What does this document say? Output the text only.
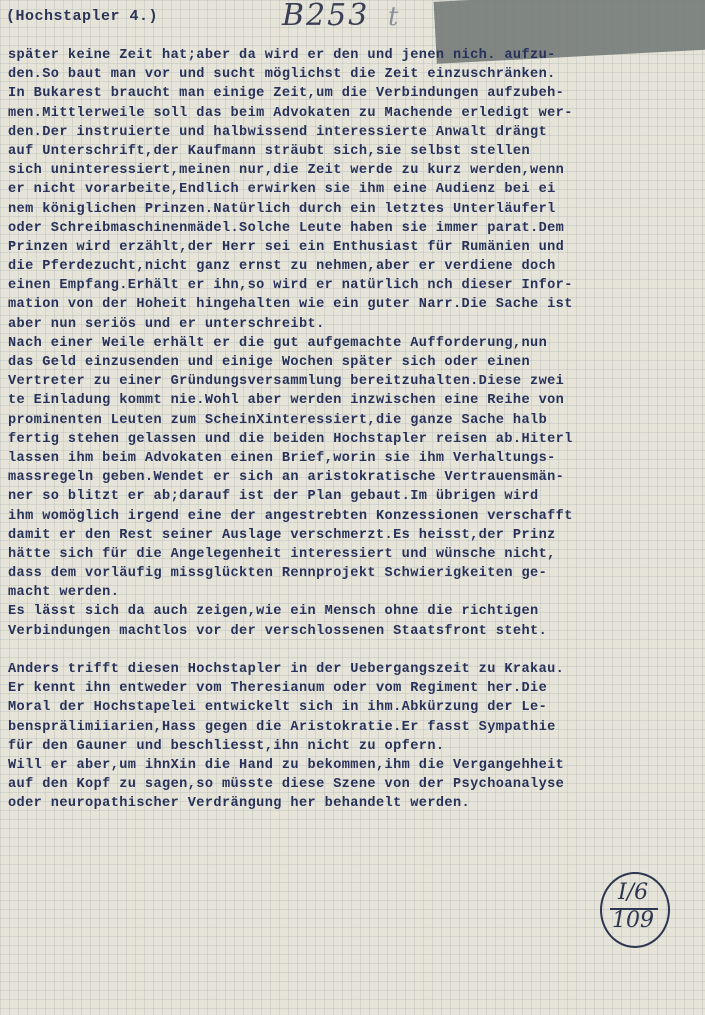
(Hochstapler 4.)	B253 t
später keine Zeit hat;aber da wird er den und jenen nich. aufzu-
den.So baut man vor und sucht möglichst die Zeit einzuschränken.
In Bukarest braucht man einige Zeit,um die Verbindungen aufzubeh-
men.Mittlerweile soll das beim Advokaten zu Machende erledigt wer-
den.Der instruierte und halbwissend interessierte Anwalt drängt
auf Unterschrift,der Kaufmann sträubt sich,sie selbst stellen
sich uninteressiert,meinen nur,die Zeit werde zu kurz werden,wenn
er nicht vorarbeite,Endlich erwirken sie ihm eine Audienz bei ei
nem königlichen Prinzen.Natürlich durch ein letztes Unterläuferl
oder Schreibmaschinenmädel.Solche Leute haben sie immer parat.Dem
Prinzen wird erzählt,der Herr sei ein Enthusiast für Rumänien und
die Pferdezucht,nicht ganz ernst zu nehmen,aber er verdiene doch
einen Empfang.Erhält er ihn,so wird er natürlich nch dieser Infor-
mation von der Hoheit hingehalten wie ein guter Narr.Die Sache ist
aber nun seriös und er unterschreibt.
Nach einer Weile erhält er die gut aufgemachte Aufforderung,nun
das Geld einzusenden und einige Wochen später sich oder einen
Vertreter zu einer Gründungsversammlung bereitzuhalten.Diese zwei
te Einladung kommt nie.Wohl aber werden inzwischen eine Reihe von
prominenten Leuten zum ScheinXinteressiert,die ganze Sache halb
fertig stehen gelassen und die beiden Hochstapler reisen ab.Hiterl
lassen ihm beim Advokaten einen Brief,worin sie ihm Verhaltungs-
massregeln geben.Wendet er sich an aristokratische Vertrauensmän-
ner so blitzt er ab;darauf ist der Plan gebaut.Im übrigen wird
ihm womöglich irgend eine der angestrebten Konzessionen verschafft
damit er den Rest seiner Auslage verschmerzt.Es heisst,der Prinz
hätte sich für die Angelegenheit interessiert und wünsche nicht,
dass dem vorläufig missglückten Rennprojekt Schwierigkeiten ge-
macht werden.
Es lässt sich da auch zeigen,wie ein Mensch ohne die richtigen
Verbindungen machtlos vor der verschlossenen Staatsfront steht.
Anders trifft diesen Hochstapler in der Uebergangszeit zu Krakau.
Er kennt ihn entweder vom Theresianum oder vom Regiment her.Die
Moral der Hochstapelei entwickelt sich in ihm.Abkürzung der Le-
bensprälimiiarien,Hass gegen die Aristokratie.Er fasst Sympathie
für den Gauner und beschliesst,ihn nicht zu opfern.
Will er aber,um ihnXin die Hand zu bekommen,ihm die Vergangehheit
auf den Kopf zu sagen,so müsste diese Szene von der Psychoanalyse
oder neuropathischer Verdrängung her behandelt werden.
I/6
109
